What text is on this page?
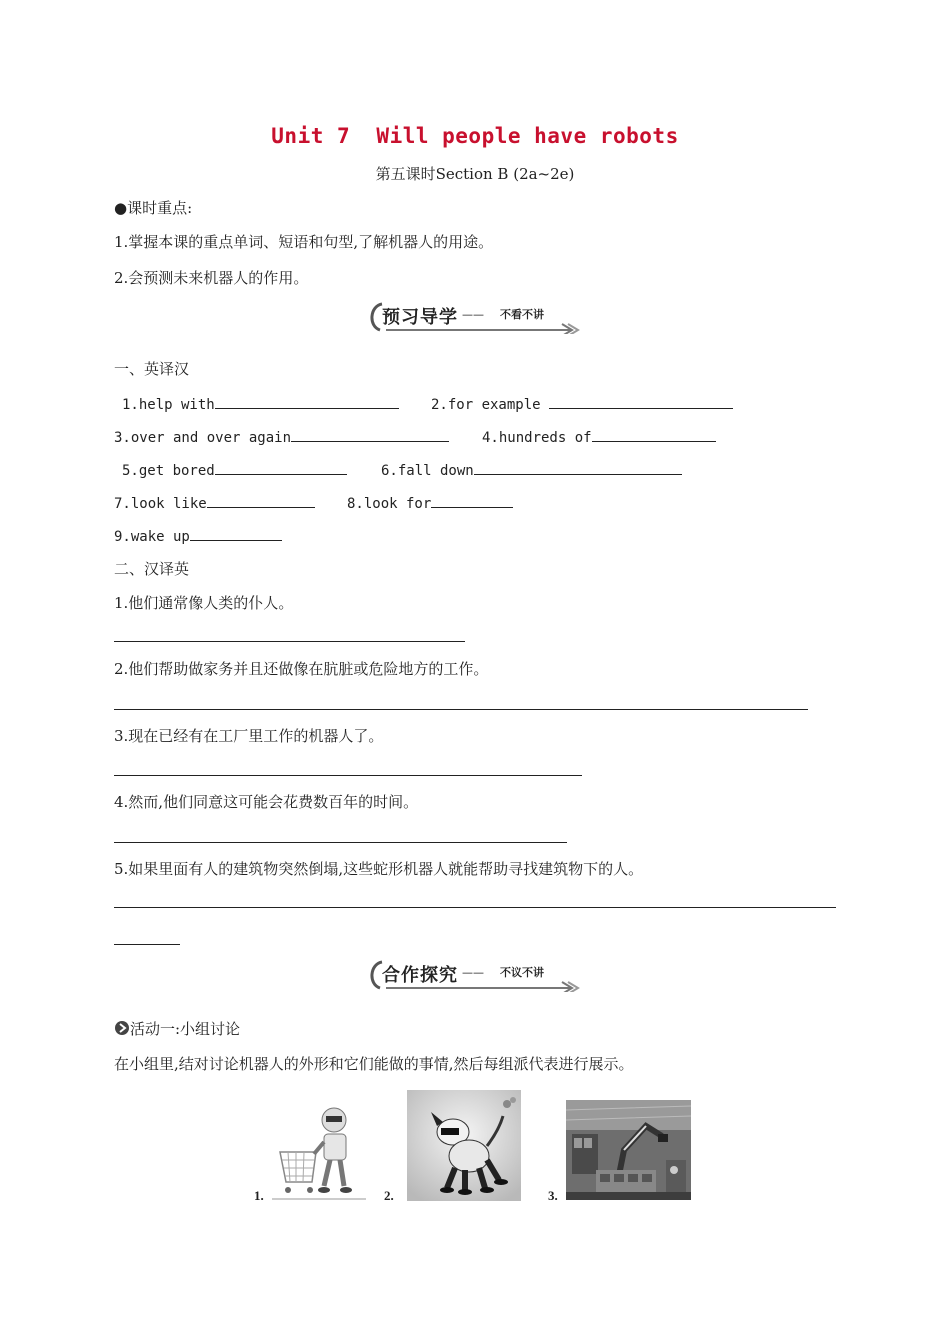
Unit 7  Will people have robots
第五课时Section B (2a~2e)
●课时重点:
1.掌握本课的重点单词、短语和句型,了解机器人的用途。
2.会预测未来机器人的作用。
预习导学 —— 不看不讲
一、英译汉
1.help with	2.for example
3.over and over again	4.hundreds of
5.get bored	6.fall down
7.look like	8.look for
9.wake up
二、汉译英
1.他们通常像人类的仆人。
2.他们帮助做家务并且还做像在肮脏或危险地方的工作。
3.现在已经有在工厂里工作的机器人了。
4.然而,他们同意这可能会花费数百年的时间。
5.如果里面有人的建筑物突然倒塌,这些蛇形机器人就能帮助寻找建筑物下的人。
合作探究 —— 不议不讲
活动一:小组讨论
在小组里,结对讨论机器人的外形和它们能做的事情,然后每组派代表进行展示。
1.	2.	3.
